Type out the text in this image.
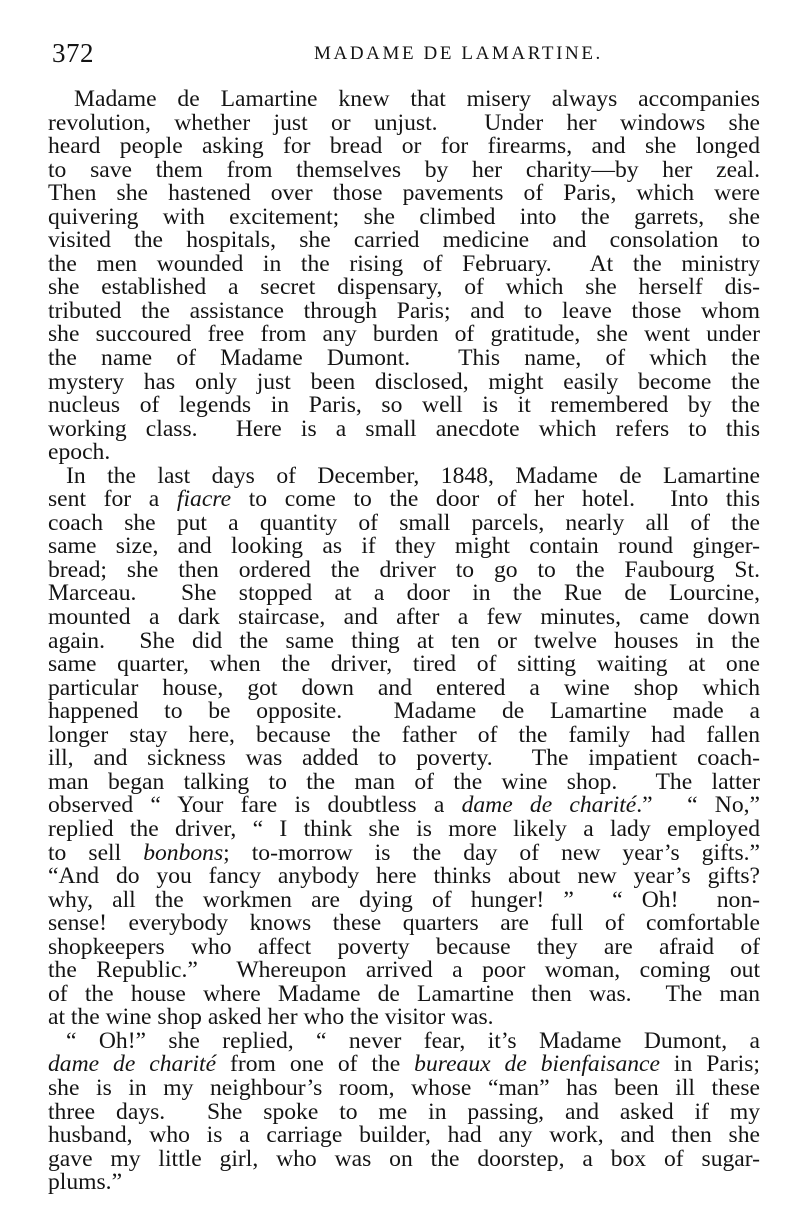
372	MADAME DE LAMARTINE.
Madame de Lamartine knew that misery always accompanies
revolution, whether just or unjust.  Under her windows she
heard people asking for bread or for firearms, and she longed
to save them from themselves by her charity—by her zeal.
Then she hastened over those pavements of Paris, which were
quivering with excitement; she climbed into the garrets, she
visited the hospitals, she carried medicine and consolation to
the men wounded in the rising of February.  At the ministry
she established a secret dispensary, of which she herself dis-
tributed the assistance through Paris; and to leave those whom
she succoured free from any burden of gratitude, she went under
the name of Madame Dumont.  This name, of which the
mystery has only just been disclosed, might easily become the
nucleus of legends in Paris, so well is it remembered by the
working class.  Here is a small anecdote which refers to this
epoch.
In the last days of December, 1848, Madame de Lamartine
sent for a fiacre to come to the door of her hotel.  Into this
coach she put a quantity of small parcels, nearly all of the
same size, and looking as if they might contain round ginger-
bread; she then ordered the driver to go to the Faubourg St.
Marceau.  She stopped at a door in the Rue de Lourcine,
mounted a dark staircase, and after a few minutes, came down
again.  She did the same thing at ten or twelve houses in the
same quarter, when the driver, tired of sitting waiting at one
particular house, got down and entered a wine shop which
happened to be opposite.  Madame de Lamartine made a
longer stay here, because the father of the family had fallen
ill, and sickness was added to poverty.  The impatient coach-
man began talking to the man of the wine shop.  The latter
observed “ Your fare is doubtless a dame de charité.”  “ No,”
replied the driver, “ I think she is more likely a lady employed
to sell bonbons; to-morrow is the day of new year’s gifts.”
“And do you fancy anybody here thinks about new year’s gifts?
why, all the workmen are dying of hunger! ”  “ Oh!  non-
sense! everybody knows these quarters are full of comfortable
shopkeepers who affect poverty because they are afraid of
the Republic.”  Whereupon arrived a poor woman, coming out
of the house where Madame de Lamartine then was.  The man
at the wine shop asked her who the visitor was.
“ Oh!” she replied, “ never fear, it’s Madame Dumont, a
dame de charité from one of the bureaux de bienfaisance in Paris;
she is in my neighbour’s room, whose “man” has been ill these
three days.  She spoke to me in passing, and asked if my
husband, who is a carriage builder, had any work, and then she
gave my little girl, who was on the doorstep, a box of sugar-
plums.”
